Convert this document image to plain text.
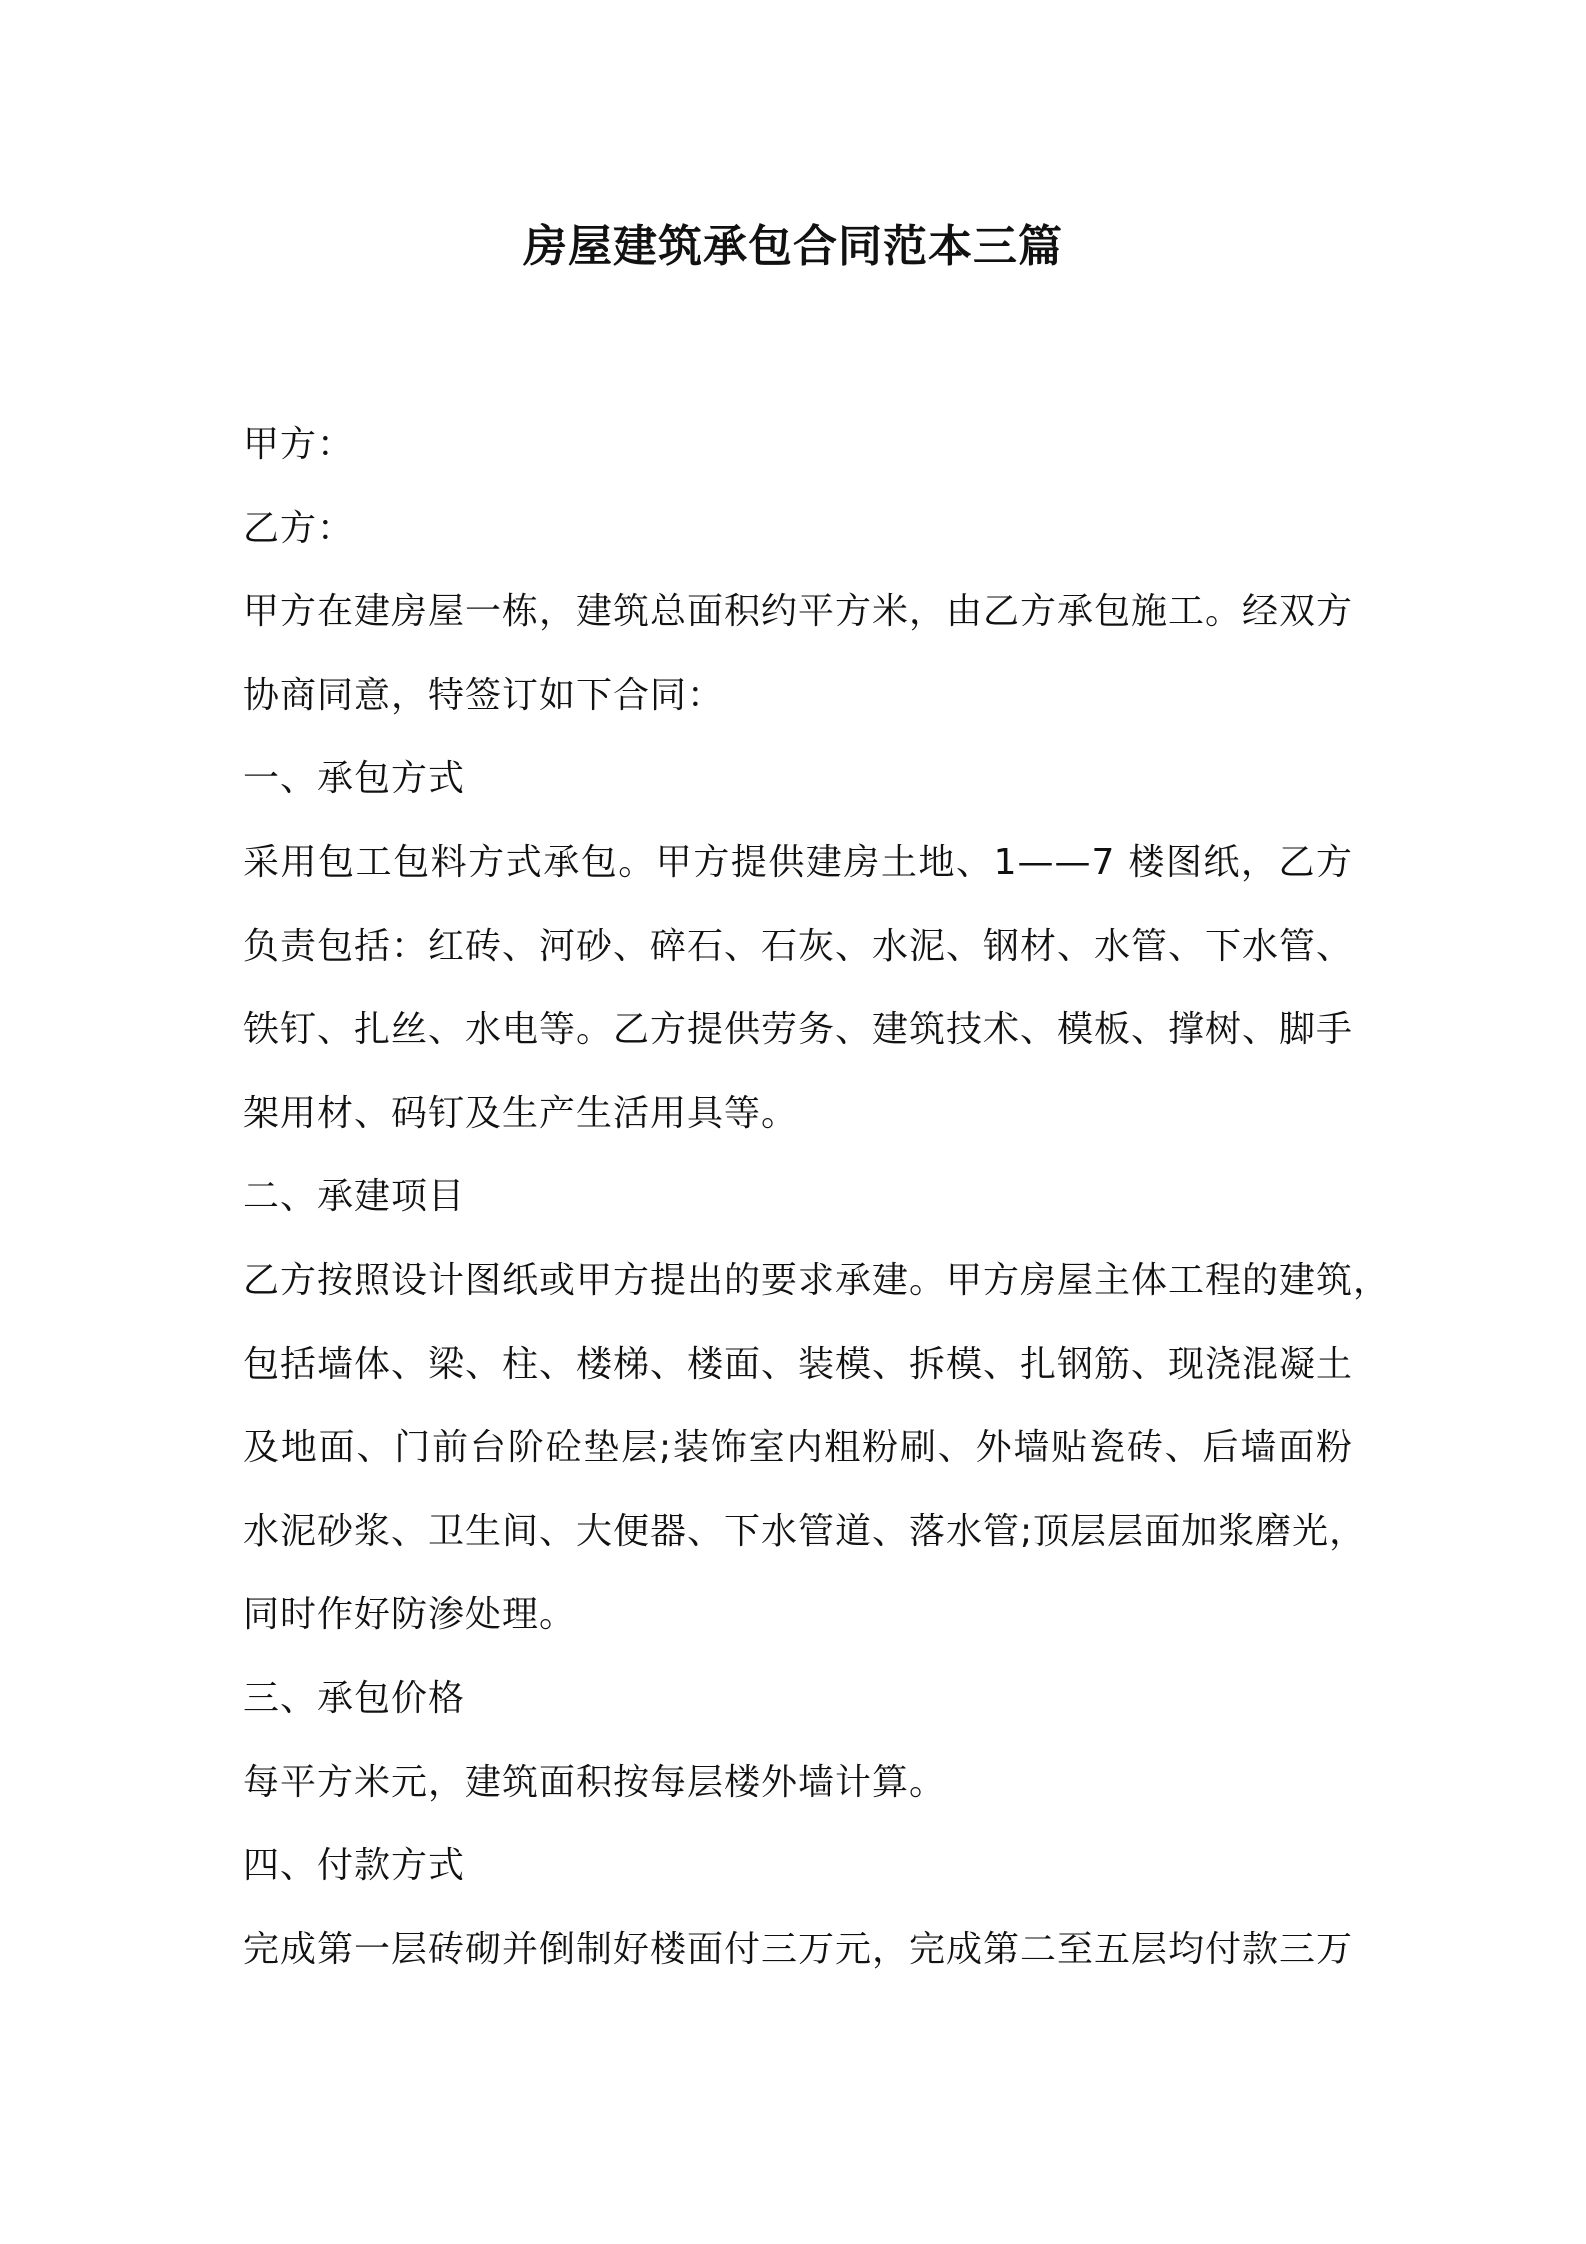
房屋建筑承包合同范本三篇
甲方：
乙方：
甲方在建房屋一栋，建筑总面积约平方米，由乙方承包施工。经双方
协商同意，特签订如下合同：
一、承包方式
采用包工包料方式承包。甲方提供建房土地、1——7 楼图纸，乙方
负责包括：红砖、河砂、碎石、石灰、水泥、钢材、水管、下水管、
铁钉、扎丝、水电等。乙方提供劳务、建筑技术、模板、撑树、脚手
架用材、码钉及生产生活用具等。
二、承建项目
乙方按照设计图纸或甲方提出的要求承建。甲方房屋主体工程的建筑，
包括墙体、梁、柱、楼梯、楼面、装模、拆模、扎钢筋、现浇混凝土
及地面、门前台阶砼垫层;装饰室内粗粉刷、外墙贴瓷砖、后墙面粉
水泥砂浆、卫生间、大便器、下水管道、落水管;顶层层面加浆磨光，
同时作好防渗处理。
三、承包价格
每平方米元，建筑面积按每层楼外墙计算。
四、付款方式
完成第一层砖砌并倒制好楼面付三万元，完成第二至五层均付款三万
